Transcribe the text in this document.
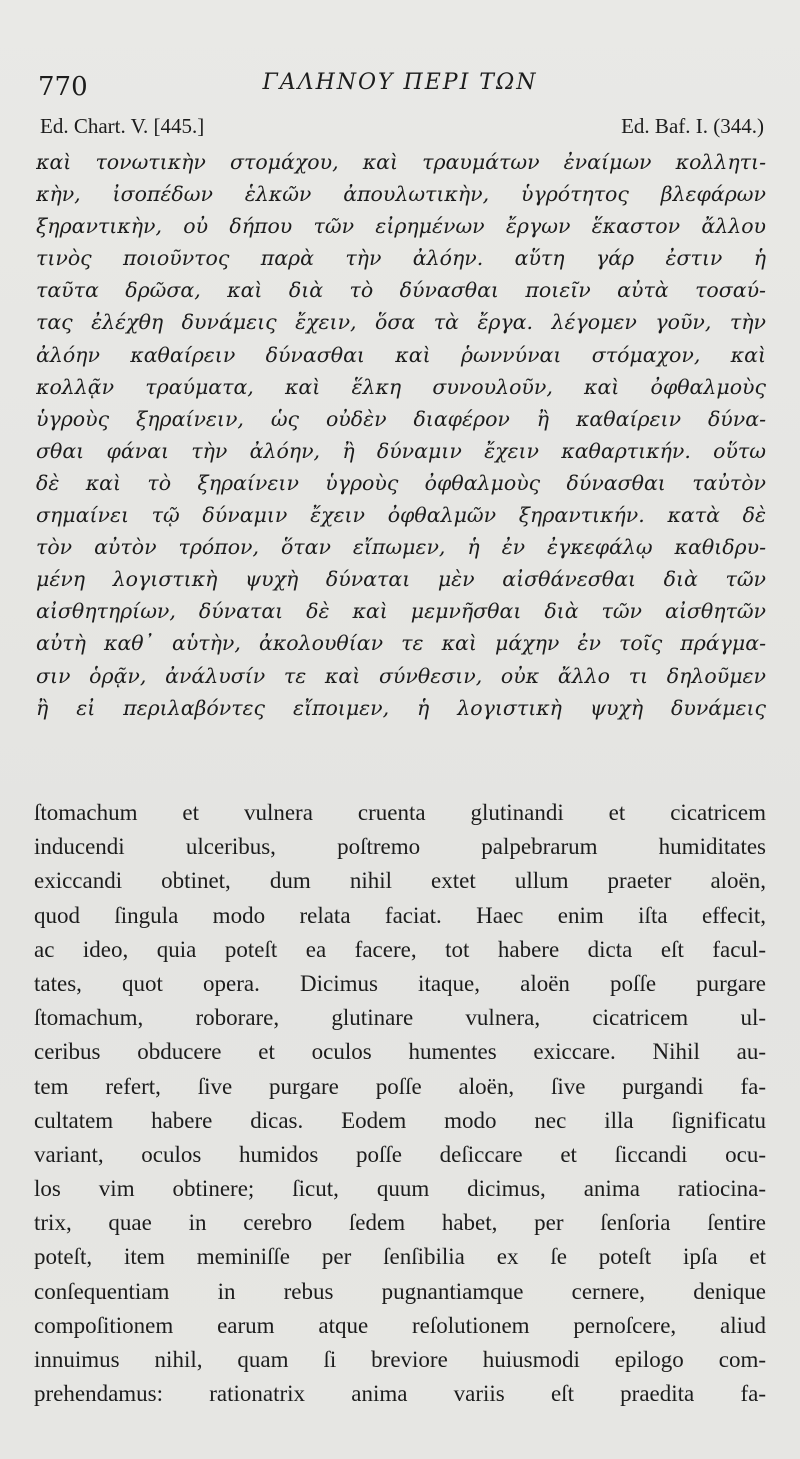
770	ΓΑΛΗΝΟΥ ΠΕΡΙ ΤΩΝ
Ed. Chart. V. [445.]	Ed. Baf. I. (344.)
καὶ τονωτικὴν στομάχου, καὶ τραυμάτων ἐναίμων κολλητι-
κὴν, ἰσοπέδων ἑλκῶν ἀπουλωτικὴν, ὑγρότητος βλεφάρων
ξηραντικὴν, οὐ δήπου τῶν εἰρημένων ἔργων ἕκαστον ἄλλου
τινὸς ποιοῦντος παρὰ τὴν ἀλόην. αὕτη γάρ ἐστιν ἡ
ταῦτα δρῶσα, καὶ διὰ τὸ δύνασθαι ποιεῖν αὐτὰ τοσαύ-
τας ἐλέχθη δυνάμεις ἔχειν, ὅσα τὰ ἔργα. λέγομεν γοῦν, τὴν
ἀλόην καθαίρειν δύνασθαι καὶ ῥωννύναι στόμαχον, καὶ
κολλᾷν τραύματα, καὶ ἕλκη συνουλοῦν, καὶ ὀφθαλμοὺς
ὑγροὺς ξηραίνειν, ὡς οὐδὲν διαφέρον ἢ καθαίρειν δύνα-
σθαι φάναι τὴν ἀλόην, ἢ δύναμιν ἔχειν καθαρτικήν. οὕτω
δὲ καὶ τὸ ξηραίνειν ὑγροὺς ὀφθαλμοὺς δύνασθαι ταὐτὸν
σημαίνει τῷ δύναμιν ἔχειν ὀφθαλμῶν ξηραντικήν. κατὰ δὲ
τὸν αὐτὸν τρόπον, ὅταν εἴπωμεν, ἡ ἐν ἐγκεφάλῳ καθιδρυ-
μένη λογιστικὴ ψυχὴ δύναται μὲν αἰσθάνεσθαι διὰ τῶν
αἰσθητηρίων, δύναται δὲ καὶ μεμνῆσθαι διὰ τῶν αἰσθητῶν
αὐτὴ καθ᾽ αὑτὴν, ἀκολουθίαν τε καὶ μάχην ἐν τοῖς πράγμα-
σιν ὁρᾷν, ἀνάλυσίν τε καὶ σύνθεσιν, οὐκ ἄλλο τι δηλοῦμεν
ἢ εἰ περιλαβόντες εἴποιμεν, ἡ λογιστικὴ ψυχὴ δυνάμεις
ſtomachum et vulnera cruenta glutinandi et cicatricem
inducendi ulceribus, poſtremo palpebrarum humiditates
exiccandi obtinet, dum nihil extet ullum praeter aloën,
quod ſingula modo relata faciat. Haec enim iſta effecit,
ac ideo, quia poteſt ea facere, tot habere dicta eſt facul-
tates, quot opera. Dicimus itaque, aloën poſſe purgare
ſtomachum, roborare, glutinare vulnera, cicatricem ul-
ceribus obducere et oculos humentes exiccare. Nihil au-
tem refert, ſive purgare poſſe aloën, ſive purgandi fa-
cultatem habere dicas. Eodem modo nec illa ſignificatu
variant, oculos humidos poſſe deſiccare et ſiccandi ocu-
los vim obtinere; ſicut, quum dicimus, anima ratiocina-
trix, quae in cerebro ſedem habet, per ſenſoria ſentire
poteſt, item meminiſſe per ſenſibilia ex ſe poteſt ipſa et
conſequentiam in rebus pugnantiamque cernere, denique
compoſitionem earum atque reſolutionem pernoſcere, aliud
innuimus nihil, quam ſi breviore huiusmodi epilogo com-
prehendamus: rationatrix anima variis eſt praedita fa-
